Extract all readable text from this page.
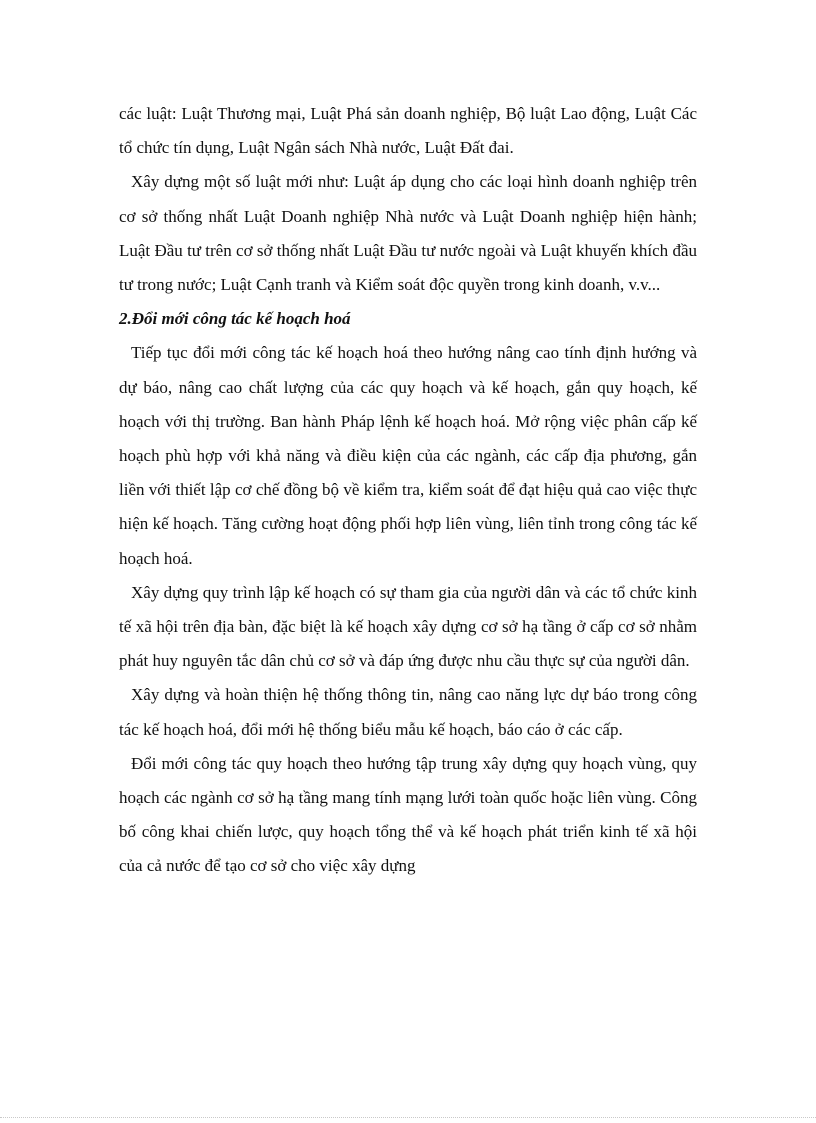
các luật: Luật Thương mại, Luật Phá sản doanh nghiệp, Bộ luật Lao động, Luật Các tổ chức tín dụng, Luật Ngân sách Nhà nước, Luật Đất đai.

Xây dựng một số luật mới như: Luật áp dụng cho các loại hình doanh nghiệp trên cơ sở thống nhất Luật Doanh nghiệp Nhà nước và Luật Doanh nghiệp hiện hành; Luật Đầu tư trên cơ sở thống nhất Luật Đầu tư nước ngoài và Luật khuyến khích đầu tư trong nước; Luật Cạnh tranh và Kiểm soát độc quyền trong kinh doanh, v.v...

2.Đổi mới công tác kế hoạch hoá

Tiếp tục đổi mới công tác kế hoạch hoá theo hướng nâng cao tính định hướng và dự báo, nâng cao chất lượng của các quy hoạch và kế hoạch, gắn quy hoạch, kế hoạch với thị trường. Ban hành Pháp lệnh kế hoạch hoá. Mở rộng việc phân cấp kế hoạch phù hợp với khả năng và điều kiện của các ngành, các cấp địa phương, gắn liền với thiết lập cơ chế đồng bộ về kiểm tra, kiểm soát để đạt hiệu quả cao việc thực hiện kế hoạch. Tăng cường hoạt động phối hợp liên vùng, liên tỉnh trong công tác kế hoạch hoá.

Xây dựng quy trình lập kế hoạch có sự tham gia của người dân và các tổ chức kinh tế xã hội trên địa bàn, đặc biệt là kế hoạch xây dựng cơ sở hạ tầng ở cấp cơ sở nhằm phát huy nguyên tắc dân chủ cơ sở và đáp ứng được nhu cầu thực sự của người dân.

Xây dựng và hoàn thiện hệ thống thông tin, nâng cao năng lực dự báo trong công tác kế hoạch hoá, đổi mới hệ thống biểu mẫu kế hoạch, báo cáo ở các cấp.

Đổi mới công tác quy hoạch theo hướng tập trung xây dựng quy hoạch vùng, quy hoạch các ngành cơ sở hạ tầng mang tính mạng lưới toàn quốc hoặc liên vùng. Công bố công khai chiến lược, quy hoạch tổng thể và kế hoạch phát triển kinh tế xã hội của cả nước để tạo cơ sở cho việc xây dựng
